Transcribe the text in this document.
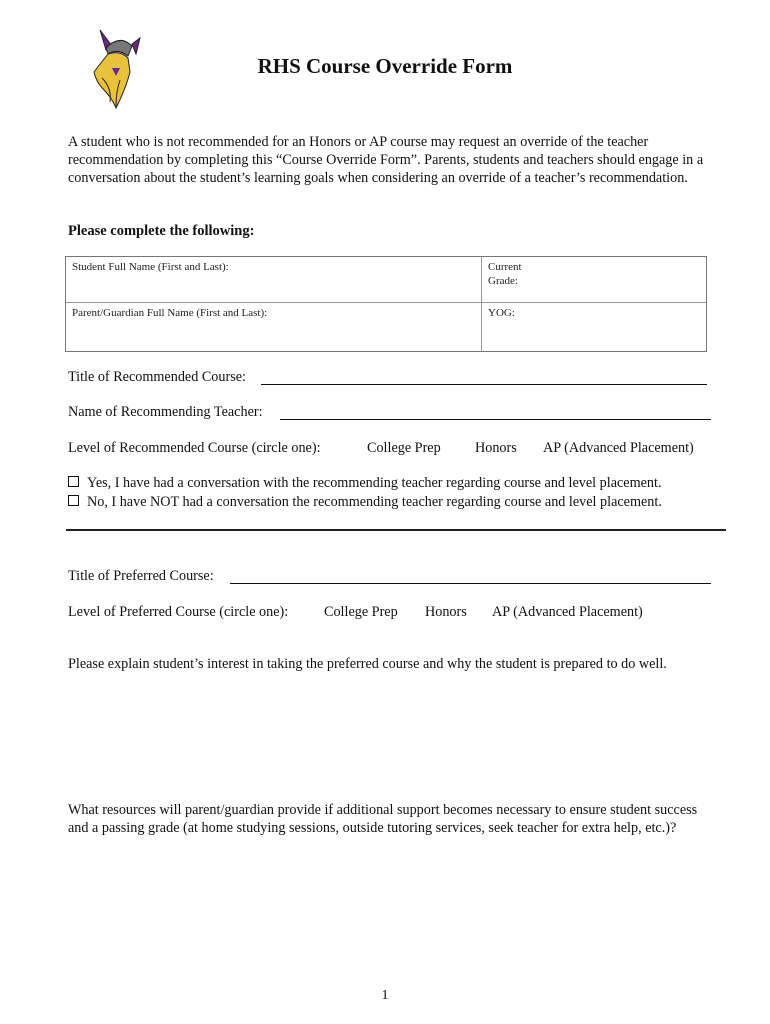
RHS Course Override Form
A student who is not recommended for an Honors or AP course may request an override of the teacher recommendation by completing this “Course Override Form”. Parents, students and teachers should engage in a conversation about the student’s learning goals when considering an override of a teacher’s recommendation.
Please complete the following:
Student Full Name (First and Last):	Current
Grade:
Parent/Guardian Full Name (First and Last):	YOG:
Title of Recommended Course:
Name of Recommending Teacher:
Level of Recommended Course (circle one):	College Prep Honors AP (Advanced Placement)
Yes, I have had a conversation with the recommending teacher regarding course and level placement.
No, I have NOT had a conversation the recommending teacher regarding course and level placement.
Title of Preferred Course:
Level of Preferred Course (circle one):	College Prep Honors AP (Advanced Placement)
Please explain student’s interest in taking the preferred course and why the student is prepared to do well.
What resources will parent/guardian provide if additional support becomes necessary to ensure student success and a passing grade (at home studying sessions, outside tutoring services, seek teacher for extra help, etc.)?
1
